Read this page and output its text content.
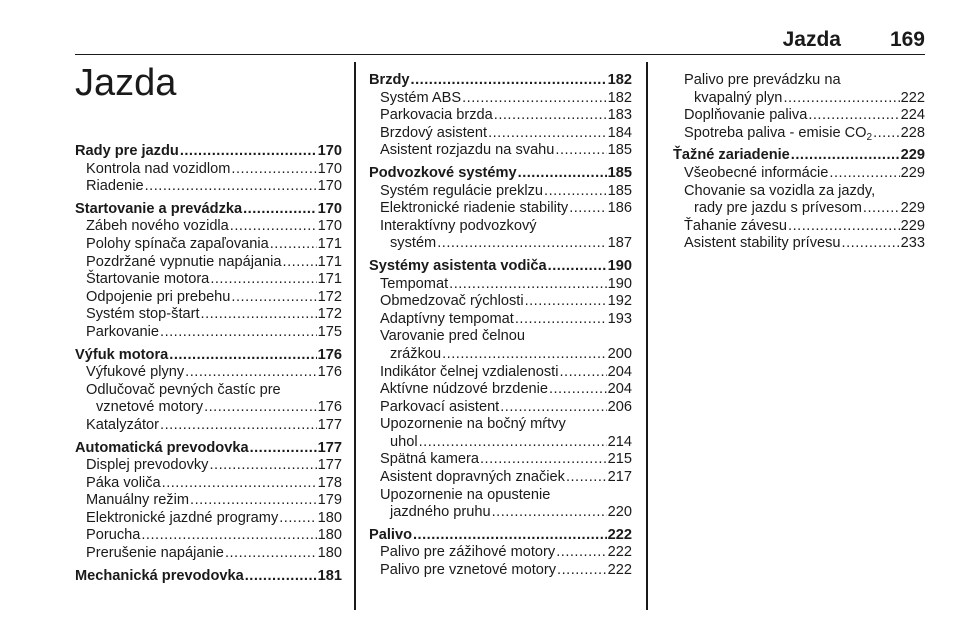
Jazda 169
Jazda
Rady pre jazdu .....	170
Kontrola nad vozidlom .....	170
Riadenie .....	170
Startovanie a prevádzka .....	170
Zábeh nového vozidla .....	170
Polohy spínača zapaľovania .....	171
Pozdržané vypnutie napájania ..... 171
Štartovanie motora .....	171
Odpojenie pri prebehu .....	172
Systém stop-štart .....	172
Parkovanie .....	175
Výfuk motora .....	176
Výfukové plyny .....	176
Odlučovač pevných častíc pre
vznetové motory .....	176
Katalyzátor .....	177
Automatická prevodovka .....	177
Displej prevodovky .....	177
Páka voliča .....	178
Manuálny režim .....	179
Elektronické jazdné programy .....	180
Porucha .....	180
Prerušenie napájanie .....	180
Mechanická prevodovka .....	181
Brzdy .....	182
Systém ABS .....	182
Parkovacia brzda .....	183
Brzdový asistent .....	184
Asistent rozjazdu na svahu .....	185
Podvozkové systémy .....	185
Systém regulácie preklzu .....	185
Elektronické riadenie stability .....	186
Interaktívny podvozkový
systém .....	187
Systémy asistenta vodiča .....	190
Tempomat .....	190
Obmedzovač rýchlosti .....	192
Adaptívny tempomat .....	193
Varovanie pred čelnou
zrážkou .....	200
Indikátor čelnej vzdialenosti .....	204
Aktívne núdzové brzdenie .....	204
Parkovací asistent .....	206
Upozornenie na bočný mŕtvy
uhol .....	214
Spätná kamera .....	215
Asistent dopravných značiek .....	217
Upozornenie na opustenie
jazdného pruhu .....	220
Palivo .....	222
Palivo pre zážihové motory .....	222
Palivo pre vznetové motory .....	222
Palivo pre prevádzku na
kvapalný plyn .....	222
Doplňovanie paliva .....	224
Spotreba paliva - emisie $CO_2$ ..... 228
Ťažné zariadenie .....	229
Všeobecné informácie .....	229
Chovanie sa vozidla za jazdy,
rady pre jazdu s prívesom .....	229
Ťahanie závesu .....	229
Asistent stability prívesu .....	233
